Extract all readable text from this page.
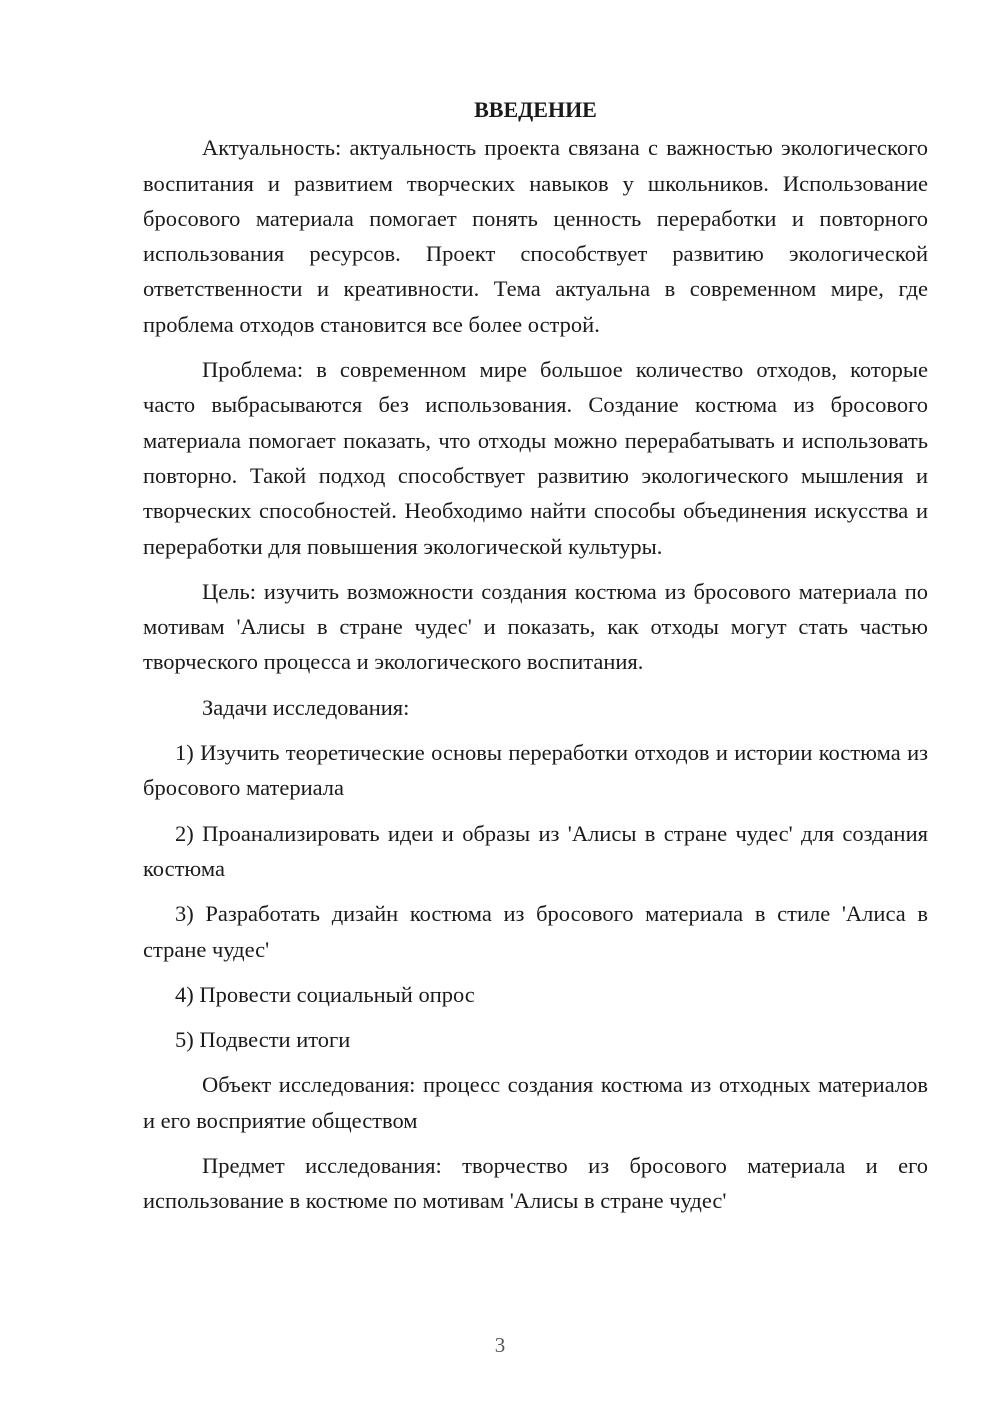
ВВЕДЕНИЕ

Актуальность: актуальность проекта связана с важностью экологического воспитания и развитием творческих навыков у школьников. Использование бросового материала помогает понять ценность переработки и повторного использования ресурсов. Проект способствует развитию экологической ответственности и креативности. Тема актуальна в современном мире, где проблема отходов становится все более острой.

Проблема: в современном мире большое количество отходов, которые часто выбрасываются без использования. Создание костюма из бросового материала помогает показать, что отходы можно перерабатывать и использовать повторно. Такой подход способствует развитию экологического мышления и творческих способностей. Необходимо найти способы объединения искусства и переработки для повышения экологической культуры.

Цель: изучить возможности создания костюма из бросового материала по мотивам 'Алисы в стране чудес' и показать, как отходы могут стать частью творческого процесса и экологического воспитания.

Задачи исследования:

1) Изучить теоретические основы переработки отходов и истории костюма из бросового материала

2) Проанализировать идеи и образы из 'Алисы в стране чудес' для создания костюма

3) Разработать дизайн костюма из бросового материала в стиле 'Алиса в стране чудес'

4) Провести социальный опрос

5) Подвести итоги

Объект исследования: процесс создания костюма из отходных материалов и его восприятие обществом

Предмет исследования: творчество из бросового материала и его использование в костюме по мотивам 'Алисы в стране чудес'

3
